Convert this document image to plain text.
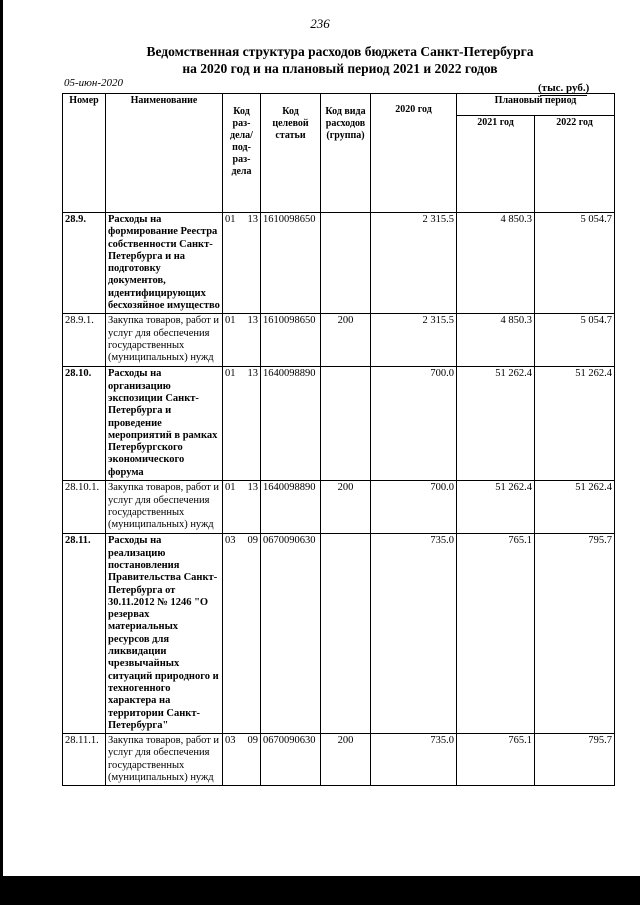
236
Ведомственная структура расходов бюджета Санкт-Петербурга
на 2020 год и на плановый период 2021 и 2022 годов
05-июн-2020	(тыс. руб.)
Номер	Наименование	Код раз-дела/ под-раз-дела	Код целевой статьи	Код вида расходов (группа)	2020 год	Плановый период	
						2021 год	2022 год
28.9.	Расходы на формирование Реестра собственности Санкт-Петербурга и на подготовку документов, идентифицирующих бесхозяйное имущество	01 13	1610098650		2 315.5	4 850.3	5 054.7
28.9.1.	Закупка товаров, работ и услуг для обеспечения государственных (муниципальных) нужд	01 13	1610098650	200	2 315.5	4 850.3	5 054.7
28.10.	Расходы на организацию экспозиции Санкт-Петербурга и проведение мероприятий в рамках Петербургского экономического форума	01 13	1640098890		700.0	51 262.4	51 262.4
28.10.1.	Закупка товаров, работ и услуг для обеспечения государственных (муниципальных) нужд	01 13	1640098890	200	700.0	51 262.4	51 262.4
28.11.	Расходы на реализацию постановления Правительства Санкт-Петербурга от 30.11.2012 № 1246 "О резервах материальных ресурсов для ликвидации чрезвычайных ситуаций природного и техногенного характера на территории Санкт-Петербурга"	03 09	0670090630		735.0	765.1	795.7
28.11.1.	Закупка товаров, работ и услуг для обеспечения государственных (муниципальных) нужд	03 09	0670090630	200	735.0	765.1	795.7
